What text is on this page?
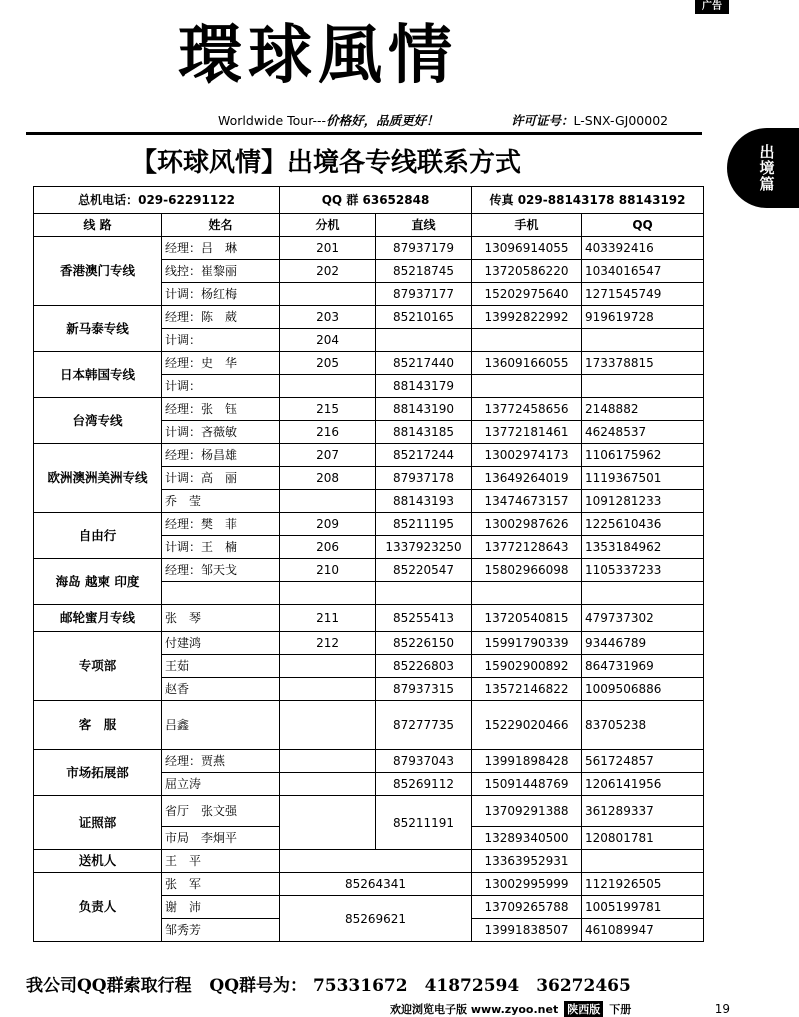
广告
出境篇
環球風情
Worldwide Tour---价格好，品质更好！	许可证号：L-SNX-GJ00002
【环球风情】出境各专线联系方式
总机电话：029-62291122		QQ 群 63652848		传真 029-88143178 88143192	
线 路	姓名	分机	直线	手机	QQ
香港澳门专线	经理：吕　琳	201	87937179	13096914055	403392416
	线控：崔黎丽	202	85218745	13720586220	1034016547
	计调：杨红梅		87937177	15202975640	1271545749
新马泰专线	经理：陈　葳	203	85210165	13992822992	919619728
	计调：	204			
日本韩国专线	经理：史　华	205	85217440	13609166055	173378815
	计调：		88143179		
台湾专线	经理：张　钰	215	88143190	13772458656	2148882
	计调：吝薇敏	216	88143185	13772181461	46248537
欧洲澳洲美洲专线	经理：杨昌雄	207	85217244	13002974173	1106175962
	计调：高　丽	208	87937178	13649264019	1119367501
	乔　莹		88143193	13474673157	1091281233
自由行	经理：樊　菲	209	85211195	13002987626	1225610436
	计调：王　楠	206	1337923250	13772128643	1353184962
海岛 越柬 印度	经理：邹天戈	210	85220547	15802966098	1105337233

邮轮蜜月专线	张　琴	211	85255413	13720540815	479737302
专项部	付建鸿	212	85226150	15991790339	93446789
	王茹		85226803	15902900892	864731969
	赵香		87937315	13572146822	1009506886
客　服	吕鑫		87277735	15229020466	83705238
市场拓展部	经理：贾燕		87937043	13991898428	561724857
	屈立涛		85269112	15091448769	1206141956
证照部	省厅　张文强		85211191	13709291388	361289337
	市局　李炯平			13289340500	120801781
送机人	王　平			13363952931	
负责人	张　军	85264341		13002995999	1121926505
	谢　沛	85269621		13709265788	1005199781
	邹秀芳			13991838507	461089947
我公司QQ群索取行程 QQ群号为： 75331672　41872594　36272465
欢迎浏览电子版 www.zyoo.net 陕西版 下册	19
